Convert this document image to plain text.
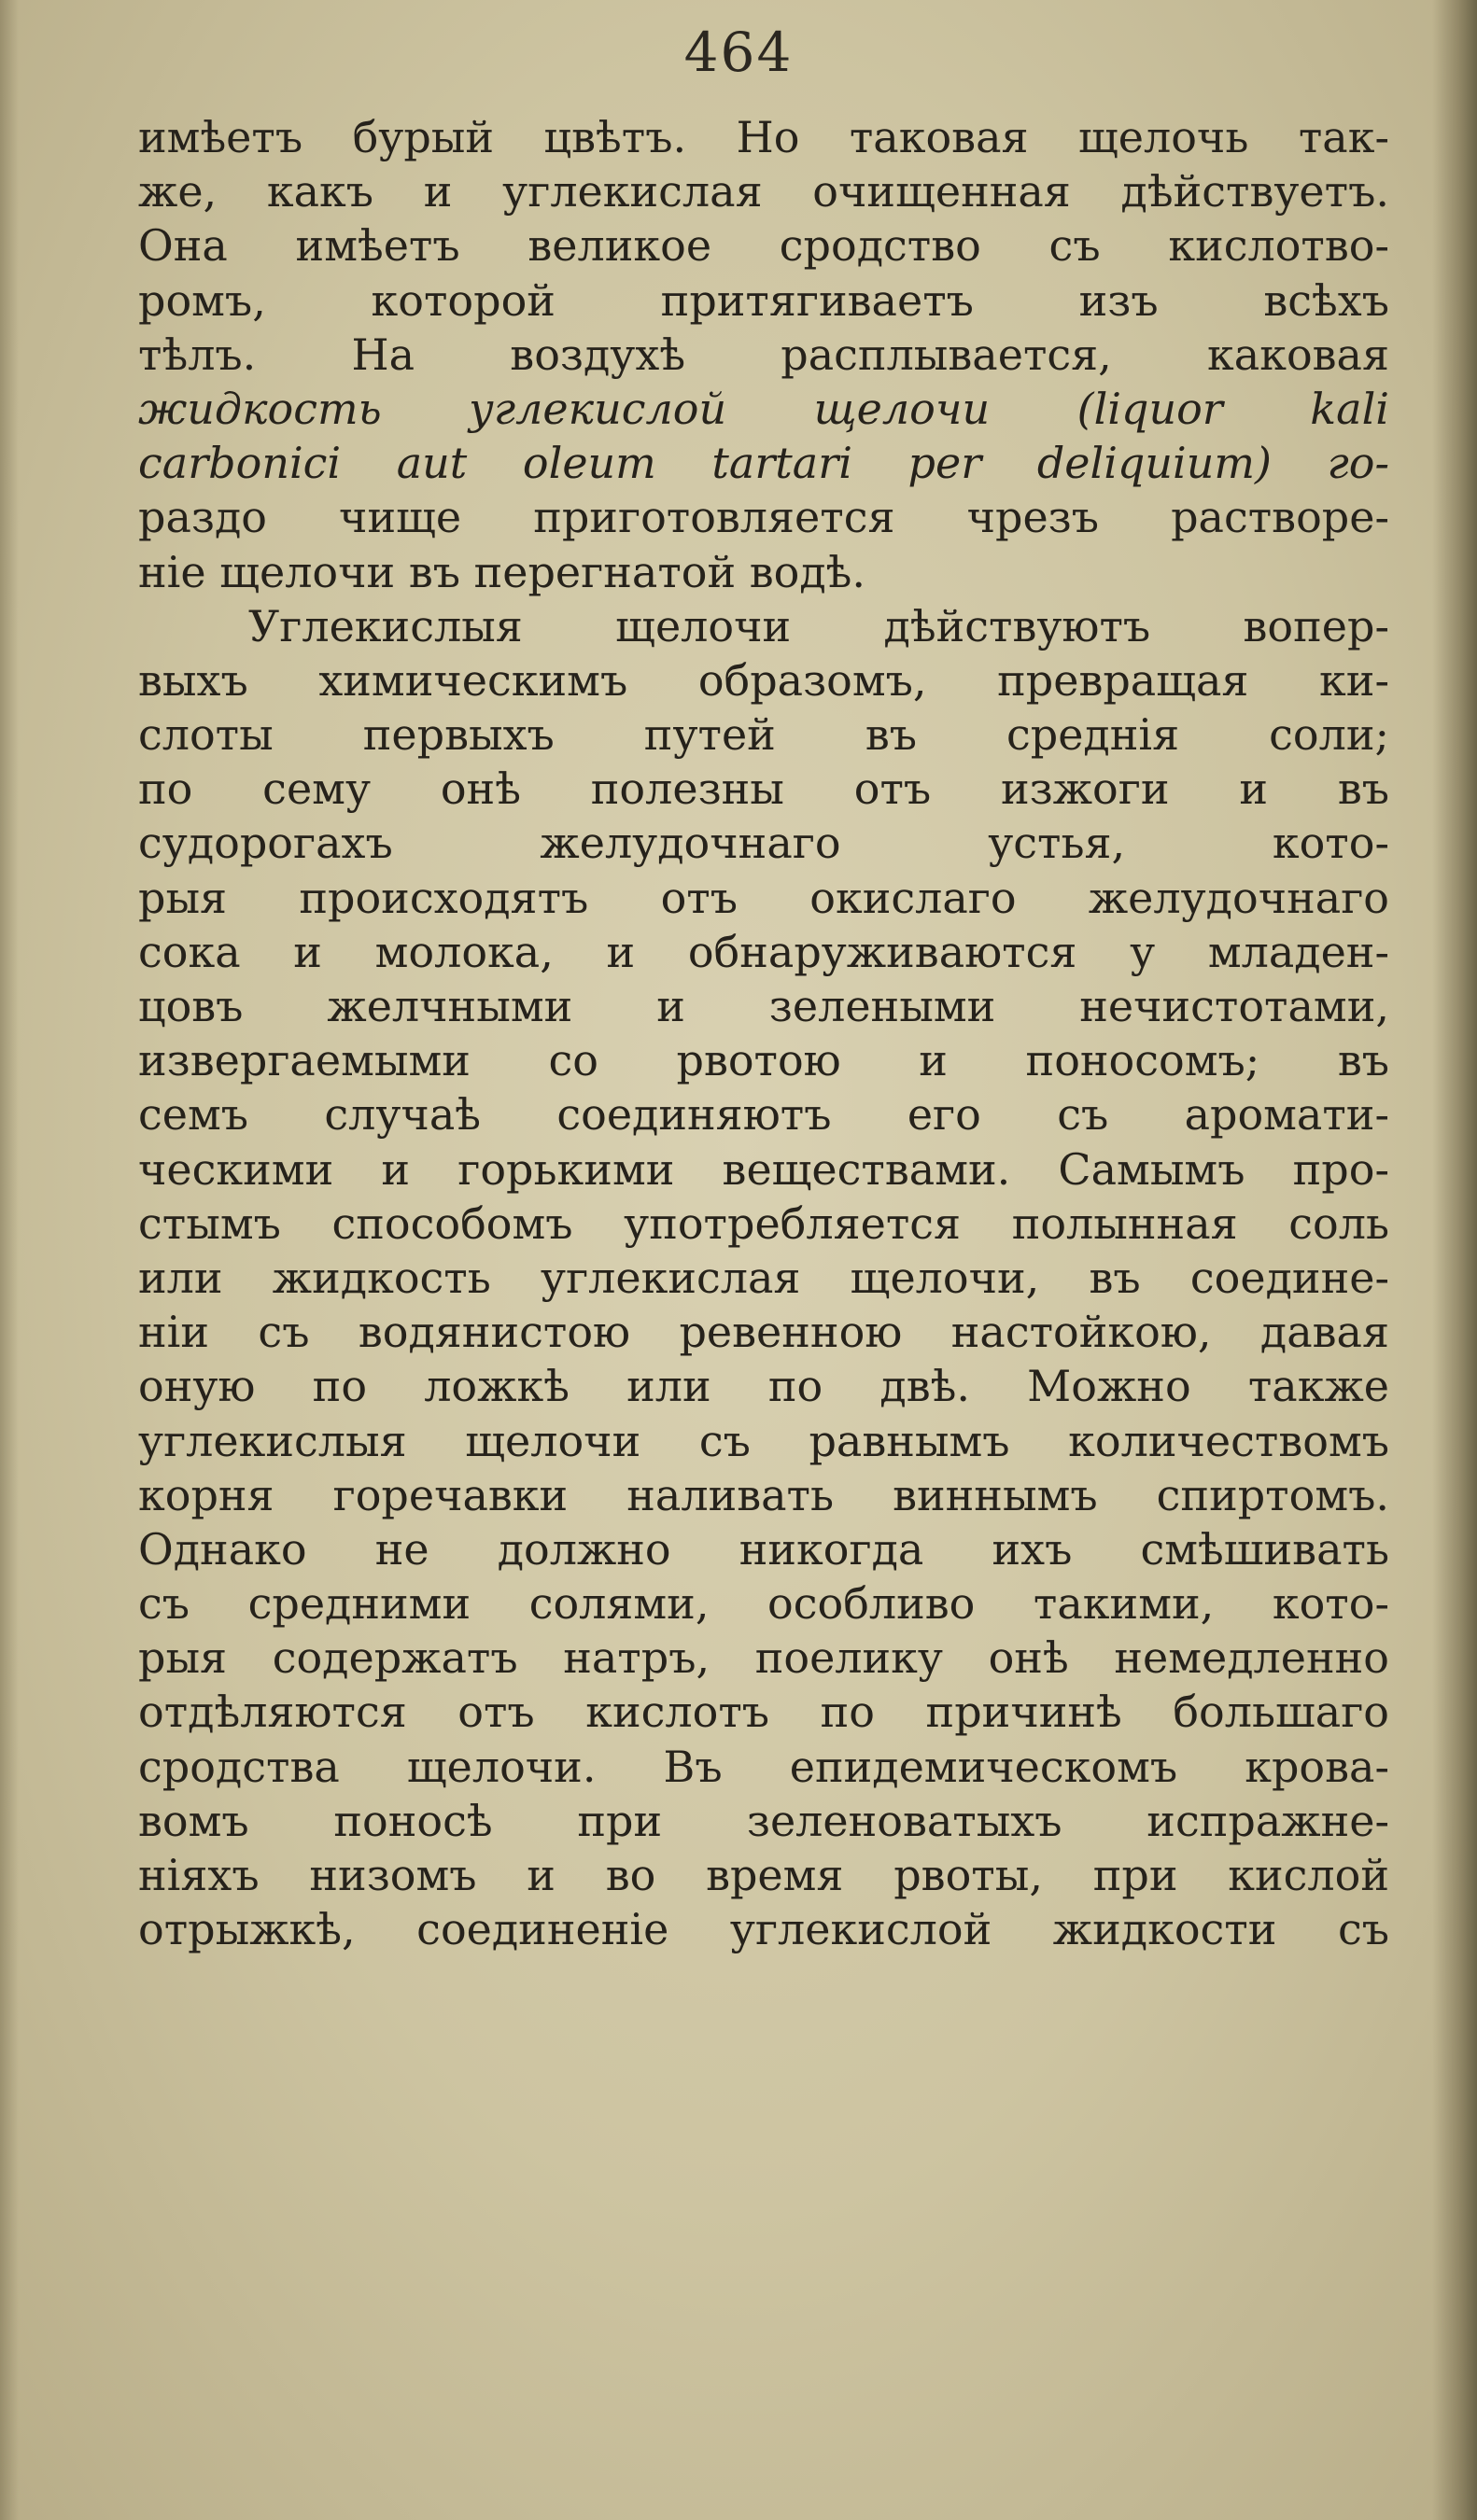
464
имѣетъ бурый цвѣтъ. Но таковая щелочь так-
же, какъ и углекислая очищенная дѣйствуетъ.
Она имѣетъ великое сродство съ кислотво-
ромъ, которой притягиваетъ изъ всѣхъ
тѣлъ. На воздухѣ расплывается, каковая
жидкость углекислой щелочи (liquor kali
carbonici aut oleum tartari per deliquium) го-
раздо чище приготовляется чрезъ растворе-
нiе щелочи въ перегнатой водѣ.
Углекислыя щелочи дѣйствуютъ вопер-
выхъ химическимъ образомъ, превращая ки-
слоты первыхъ путей въ среднiя соли;
по сему онѣ полезны отъ изжоги и въ
судорогахъ желудочнаго устья, кото-
рыя происходятъ отъ окислаго желудочнаго
сока и молока, и обнаруживаются у младен-
цовъ желчными и зелеными нечистотами,
извергаемыми со рвотою и поносомъ; въ
семъ случаѣ соединяютъ его съ аромати-
ческими и горькими веществами. Самымъ про-
стымъ способомъ употребляется полынная соль
или жидкость углекислая щелочи, въ соедине-
нiи съ водянистою ревенною настойкою, давая
оную по ложкѣ или по двѣ. Можно также
углекислыя щелочи съ равнымъ количествомъ
корня горечавки наливать виннымъ спиртомъ.
Однако не должно никогда ихъ смѣшивать
съ средними солями, особливо такими, кото-
рыя содержатъ натръ, поелику онѣ немедленно
отдѣляются отъ кислотъ по причинѣ большаго
сродства щелочи. Въ епидемическомъ крова-
вомъ поносѣ при зеленоватыхъ испражне-
нiяхъ низомъ и во время рвоты, при кислой
отрыжкѣ, соединенiе углекислой жидкости съ
